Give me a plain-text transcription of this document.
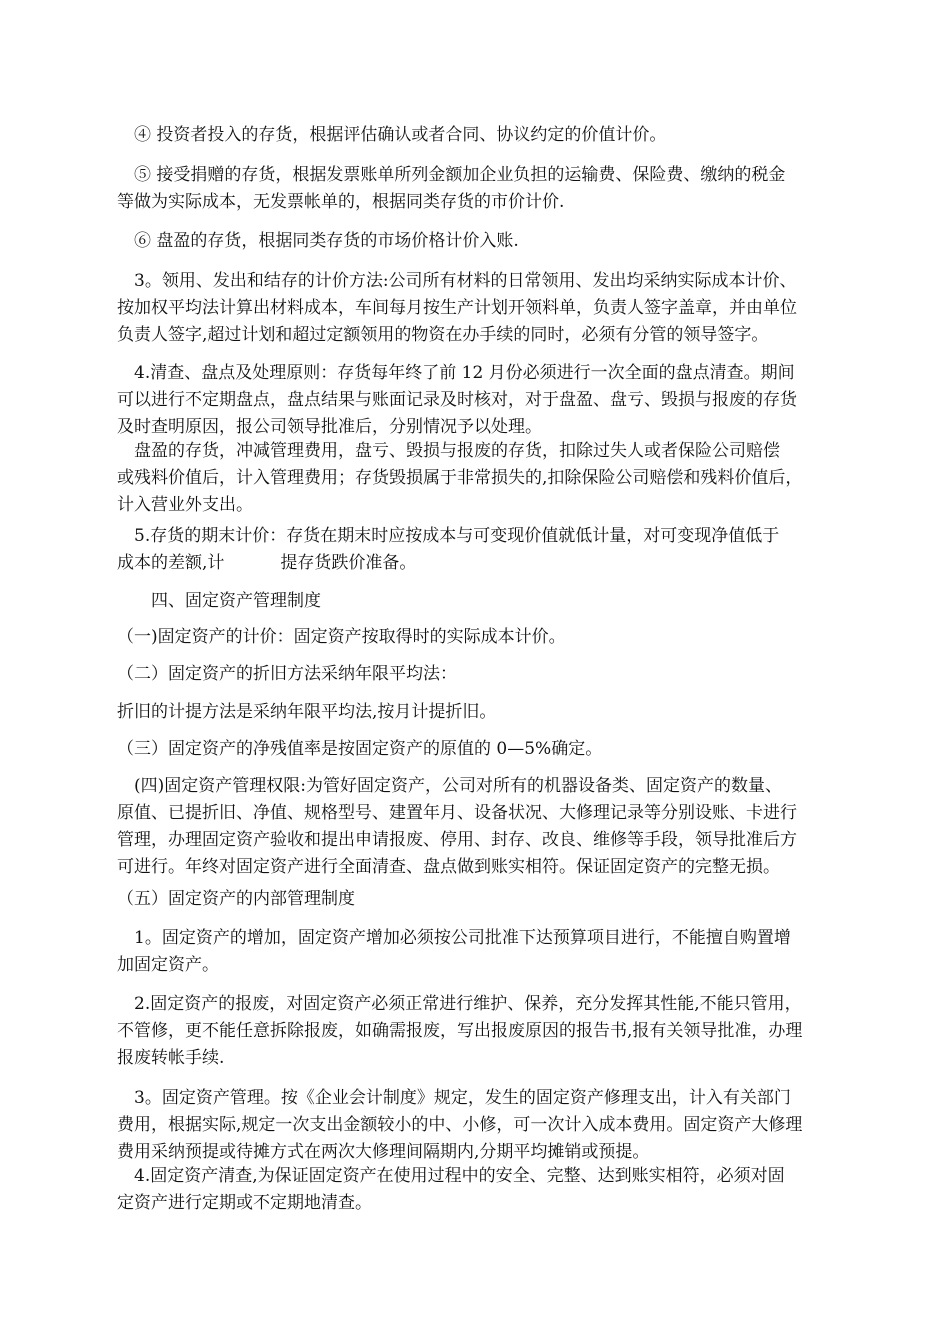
　④ 投资者投入的存货，根据评估确认或者合同、协议约定的价值计价。
　⑤ 接受捐赠的存货，根据发票账单所列金额加企业负担的运输费、保险费、缴纳的税金
等做为实际成本，无发票帐单的，根据同类存货的市价计价.
　⑥ 盘盈的存货，根据同类存货的市场价格计价入账.
　3。领用、发出和结存的计价方法:公司所有材料的日常领用、发出均采纳实际成本计价、
按加权平均法计算出材料成本，车间每月按生产计划开领料单，负责人签字盖章，并由单位
负责人签字,超过计划和超过定额领用的物资在办手续的同时，必须有分管的领导签字。
　4.清查、盘点及处理原则：存货每年终了前 12 月份必须进行一次全面的盘点清查。期间
可以进行不定期盘点，盘点结果与账面记录及时核对，对于盘盈、盘亏、毁损与报废的存货
及时查明原因，报公司领导批准后，分别情况予以处理。
　盘盈的存货，冲减管理费用，盘亏、毁损与报废的存货，扣除过失人或者保险公司赔偿
或残料价值后，计入管理费用；存货毁损属于非常损失的,扣除保险公司赔偿和残料价值后，
计入营业外支出。
　5.存货的期末计价：存货在期末时应按成本与可变现价值就低计量，对可变现净值低于
成本的差额,计	提存货跌价准备。
　　四、固定资产管理制度
（一)固定资产的计价：固定资产按取得时的实际成本计价。
（二）固定资产的折旧方法采纳年限平均法：
折旧的计提方法是采纳年限平均法,按月计提折旧。
（三）固定资产的净残值率是按固定资产的原值的 0—5%确定。
　(四)固定资产管理权限:为管好固定资产，公司对所有的机器设备类、固定资产的数量、
原值、已提折旧、净值、规格型号、建置年月、设备状况、大修理记录等分别设账、卡进行
管理，办理固定资产验收和提出申请报废、停用、封存、改良、维修等手段，领导批准后方
可进行。年终对固定资产进行全面清查、盘点做到账实相符。保证固定资产的完整无损。
（五）固定资产的内部管理制度
　1。固定资产的增加，固定资产增加必须按公司批准下达预算项目进行，不能擅自购置增
加固定资产。
　2.固定资产的报废，对固定资产必须正常进行维护、保养，充分发挥其性能,不能只管用，
不管修，更不能任意拆除报废，如确需报废，写出报废原因的报告书,报有关领导批准，办理
报废转帐手续.
　3。固定资产管理。按《企业会计制度》规定，发生的固定资产修理支出，计入有关部门
费用，根据实际,规定一次支出金额较小的中、小修，可一次计入成本费用。固定资产大修理
费用采纳预提或待摊方式在两次大修理间隔期内,分期平均摊销或预提。
　4.固定资产清查,为保证固定资产在使用过程中的安全、完整、达到账实相符，必须对固
定资产进行定期或不定期地清查。
